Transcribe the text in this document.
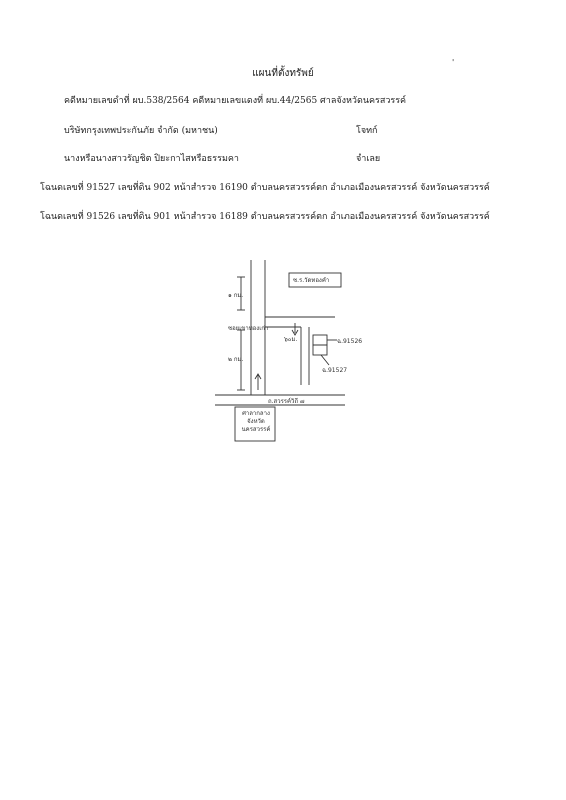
แผนที่ตั้งทรัพย์
'
คดีหมายเลขดำที่ ผบ.538/2564 คดีหมายเลขแดงที่ ผบ.44/2565 ศาลจังหวัดนครสวรรค์
บริษัทกรุงเทพประกันภัย จำกัด (มหาชน)	โจทก์
นางหรือนางสาวรัญชิต ปิยะกาไสหรือธรรมคา	จำเลย
โฉนดเลขที่ 91527 เลขที่ดิน 902 หน้าสำรวจ 16190 ตำบลนครสวรรค์ตก อำเภอเมืองนครสวรรค์ จังหวัดนครสวรรค์
โฉนดเลขที่ 91526 เลขที่ดิน 901 หน้าสำรวจ 16189 ตำบลนครสวรรค์ตก อำเภอเมืองนครสวรรค์ จังหวัดนครสวรรค์
ซ.ร.วัดทองคำ
๑ กม.
ซอยเขาทองเก่า
๖๐ม.	ฉ.91526
ฉ.91527
๒ กม.
ถ.สวรรค์วิถี ๗
ศาลากลางจังหวัด นครสวรรค์
